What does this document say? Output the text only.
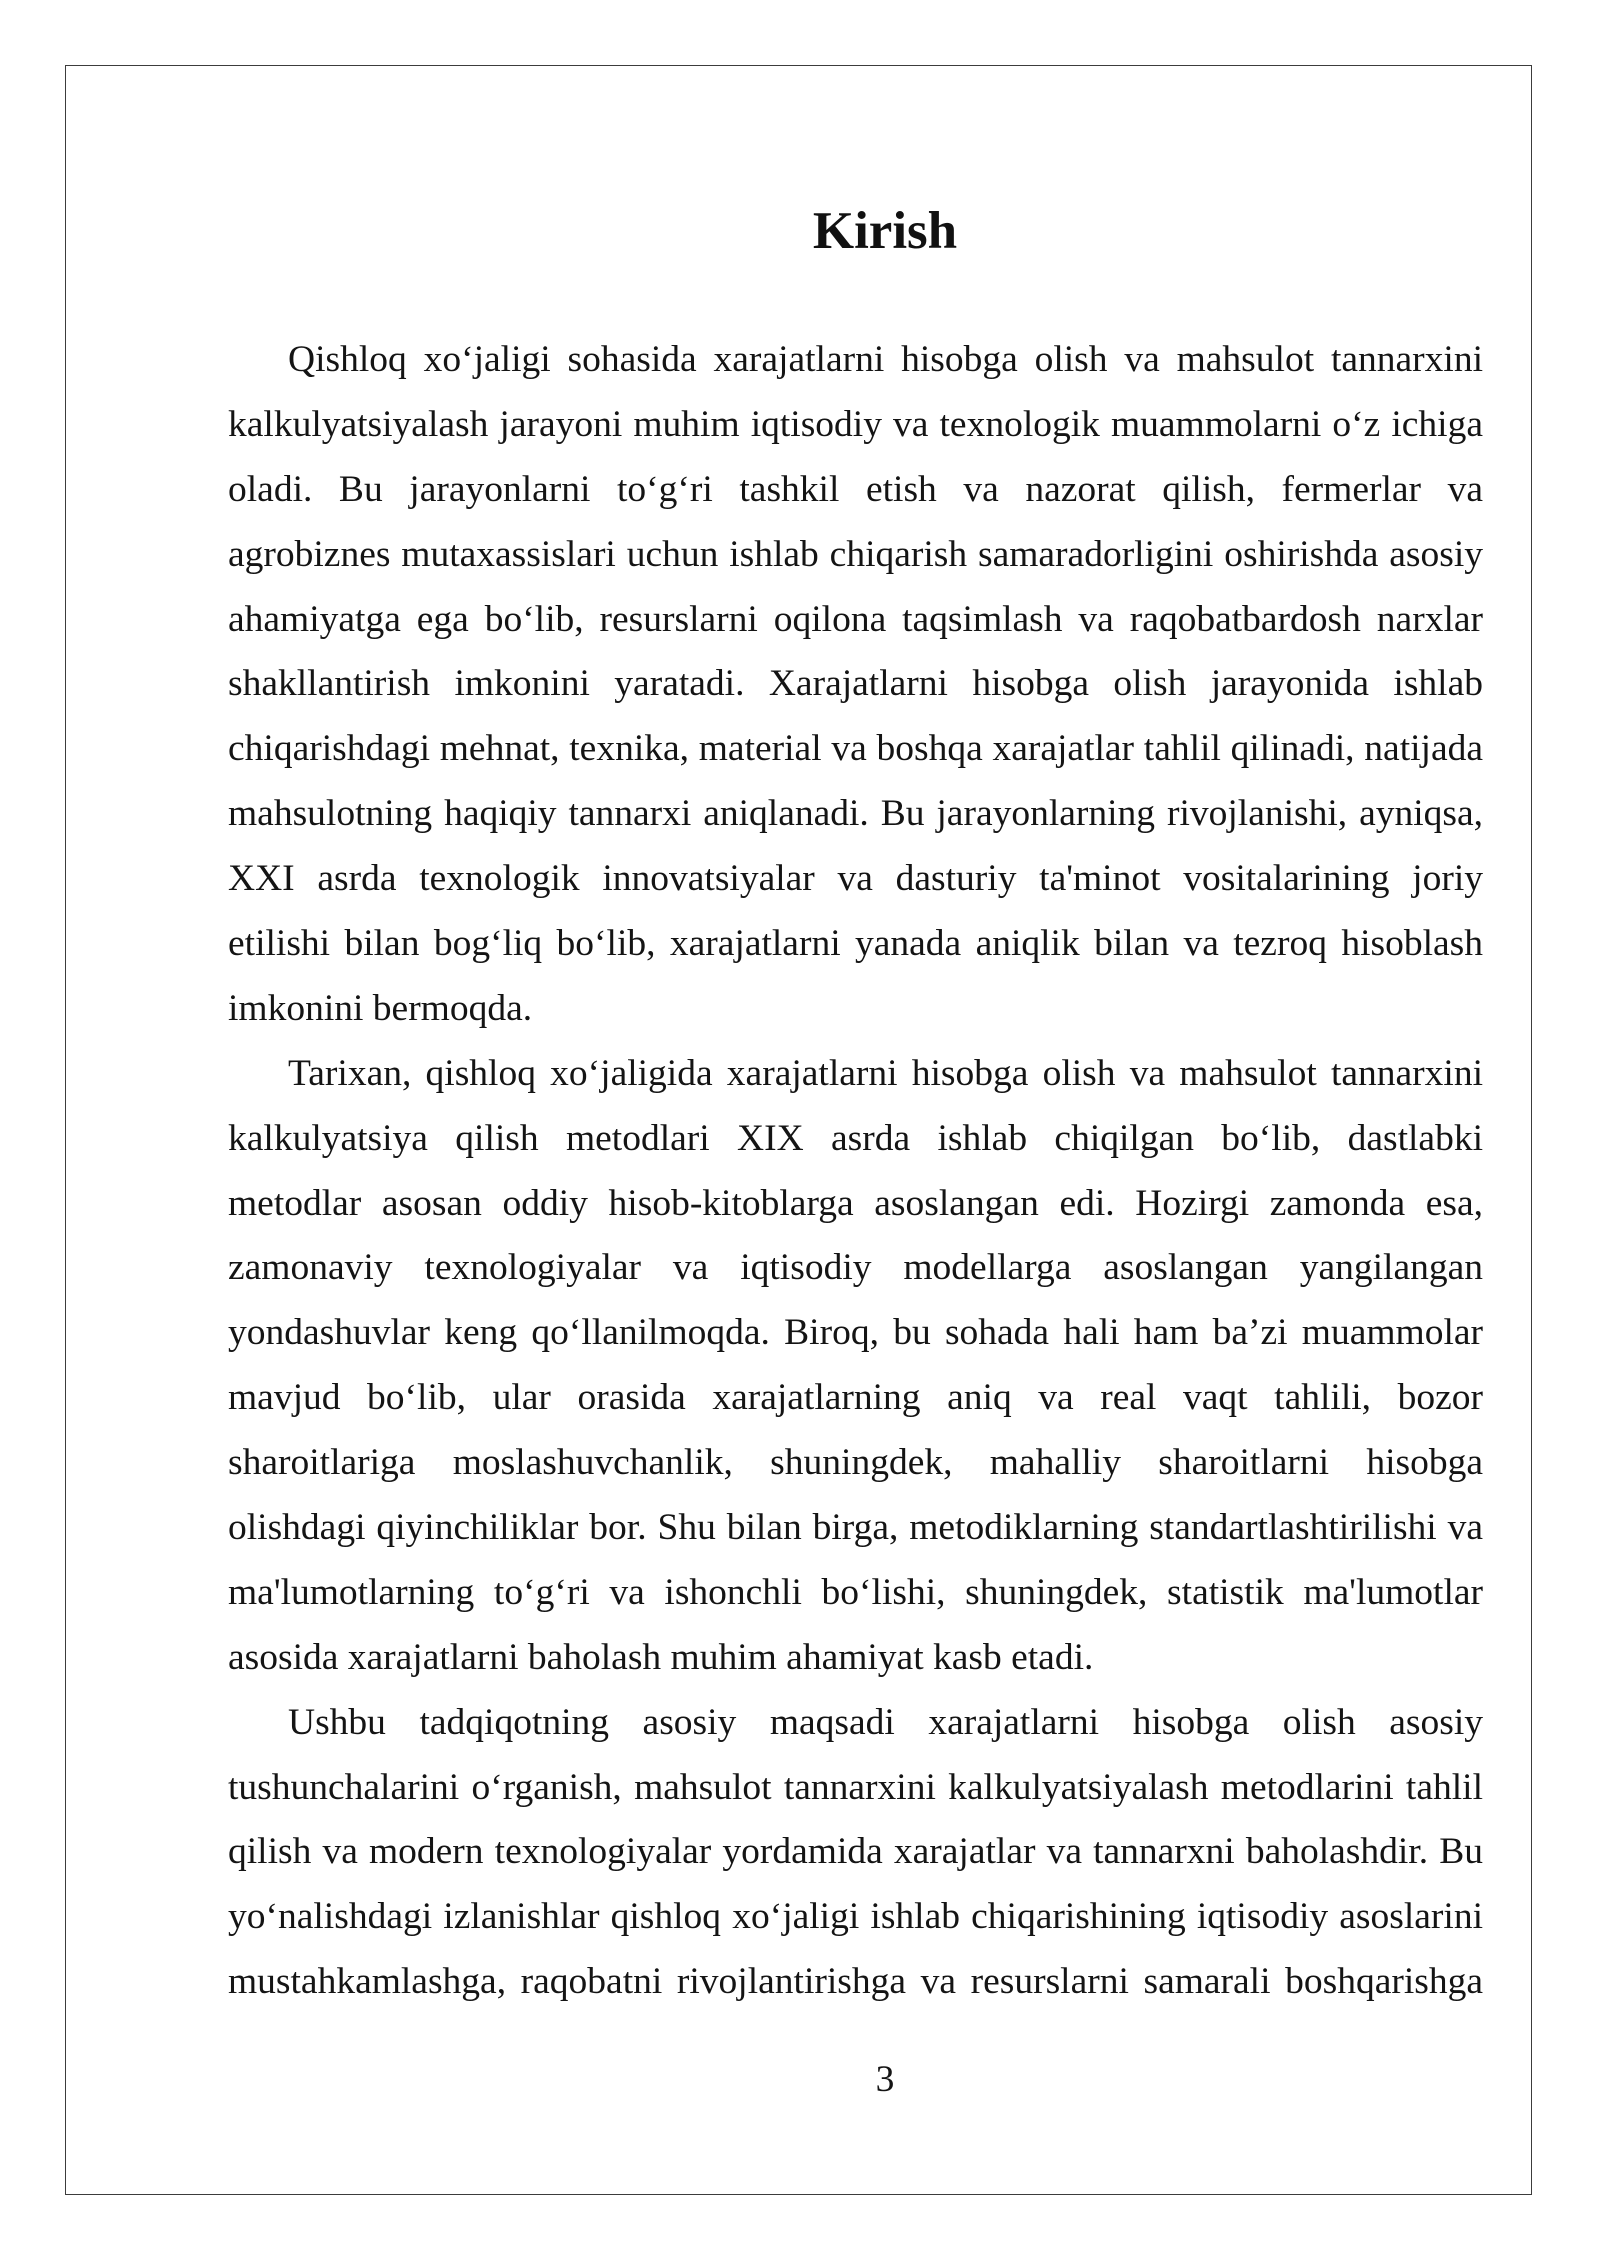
Kirish
Qishloq xo‘jaligi sohasida xarajatlarni hisobga olish va mahsulot tannarxini
kalkulyatsiyalash jarayoni muhim iqtisodiy va texnologik muammolarni o‘z ichiga
oladi. Bu jarayonlarni to‘g‘ri tashkil etish va nazorat qilish, fermerlar va
agrobiznes mutaxassislari uchun ishlab chiqarish samaradorligini oshirishda asosiy
ahamiyatga ega bo‘lib, resurslarni oqilona taqsimlash va raqobatbardosh narxlar
shakllantirish imkonini yaratadi. Xarajatlarni hisobga olish jarayonida ishlab
chiqarishdagi mehnat, texnika, material va boshqa xarajatlar tahlil qilinadi, natijada
mahsulotning haqiqiy tannarxi aniqlanadi. Bu jarayonlarning rivojlanishi, ayniqsa,
XXI asrda texnologik innovatsiyalar va dasturiy ta'minot vositalarining joriy
etilishi bilan bog‘liq bo‘lib, xarajatlarni yanada aniqlik bilan va tezroq hisoblash
imkonini bermoqda.
Tarixan, qishloq xo‘jaligida xarajatlarni hisobga olish va mahsulot tannarxini
kalkulyatsiya qilish metodlari XIX asrda ishlab chiqilgan bo‘lib, dastlabki
metodlar asosan oddiy hisob-kitoblarga asoslangan edi. Hozirgi zamonda esa,
zamonaviy texnologiyalar va iqtisodiy modellarga asoslangan yangilangan
yondashuvlar keng qo‘llanilmoqda. Biroq, bu sohada hali ham ba’zi muammolar
mavjud bo‘lib, ular orasida xarajatlarning aniq va real vaqt tahlili, bozor
sharoitlariga moslashuvchanlik, shuningdek, mahalliy sharoitlarni hisobga
olishdagi qiyinchiliklar bor. Shu bilan birga, metodiklarning standartlashtirilishi va
ma'lumotlarning to‘g‘ri va ishonchli bo‘lishi, shuningdek, statistik ma'lumotlar
asosida xarajatlarni baholash muhim ahamiyat kasb etadi.
Ushbu tadqiqotning asosiy maqsadi xarajatlarni hisobga olish asosiy
tushunchalarini o‘rganish, mahsulot tannarxini kalkulyatsiyalash metodlarini tahlil
qilish va modern texnologiyalar yordamida xarajatlar va tannarxni baholashdir. Bu
yo‘nalishdagi izlanishlar qishloq xo‘jaligi ishlab chiqarishining iqtisodiy asoslarini
mustahkamlashga, raqobatni rivojlantirishga va resurslarni samarali boshqarishga
3
